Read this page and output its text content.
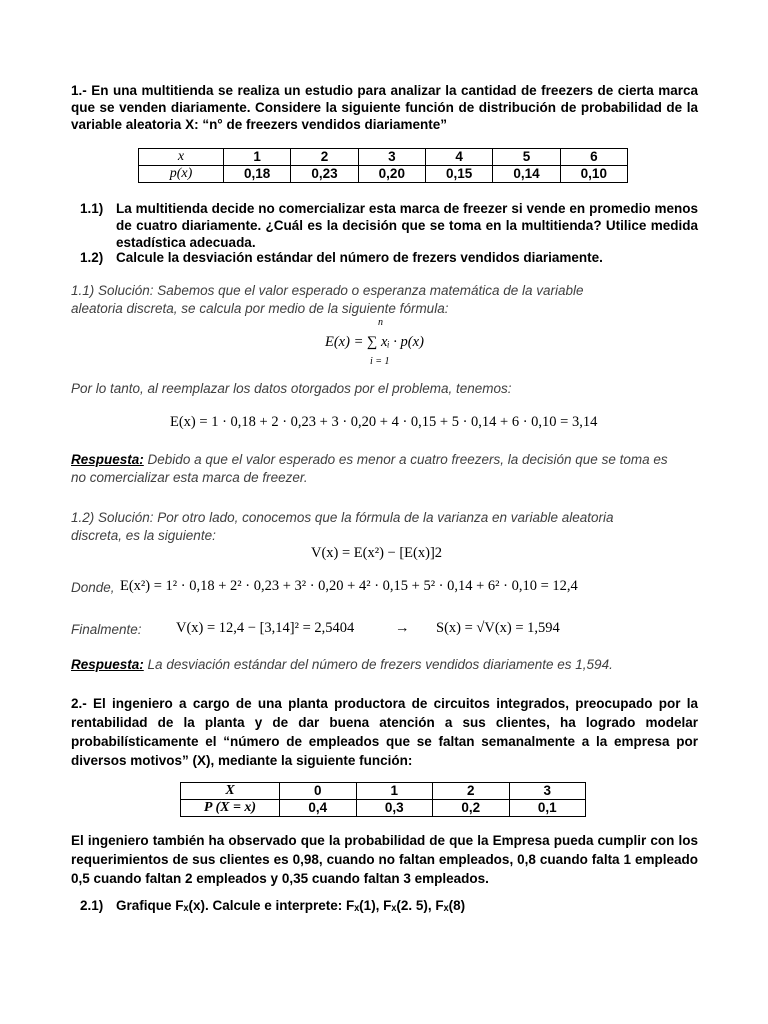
1.- En una multitienda se realiza un estudio para analizar la cantidad de freezers de cierta marca que se venden diariamente. Considere la siguiente función de distribución de probabilidad de la variable aleatoria X: “n° de freezers vendidos diariamente”
x	1	2	3	4	5	6
p(x)	0,18	0,23	0,20	0,15	0,14	0,10
1.1) La multitienda decide no comercializar esta marca de freezer si vende en promedio menos de cuatro diariamente. ¿Cuál es la decisión que se toma en la multitienda? Utilice medida estadística adecuada.
1.2) Calcule la desviación estándar del número de frezers vendidos diariamente.
1.1) Solución: Sabemos que el valor esperado o esperanza matemática de la variable aleatoria discreta, se calcula por medio de la siguiente fórmula:
n
E(x) = ∑ xᵢ · p(x)
i = 1
Por lo tanto, al reemplazar los datos otorgados por el problema, tenemos:
E(x) = 1 · 0,18 + 2 · 0,23 + 3 · 0,20 + 4 · 0,15 + 5 · 0,14 + 6 · 0,10 = 3,14
Respuesta: Debido a que el valor esperado es menor a cuatro freezers, la decisión que se toma es no comercializar esta marca de freezer.
1.2) Solución: Por otro lado, conocemos que la fórmula de la varianza en variable aleatoria discreta, es la siguiente:
V(x) = E(x²) − [E(x)]2
Donde, E(x²) = 1² · 0,18 + 2² · 0,23 + 3² · 0,20 + 4² · 0,15 + 5² · 0,14 + 6² · 0,10 = 12,4
Finalmente: V(x) = 12,4 − [3,14]² = 2,5404	→ S(x) = √V(x) = 1,594
Respuesta: La desviación estándar del número de frezers vendidos diariamente es 1,594.
2.- El ingeniero a cargo de una planta productora de circuitos integrados, preocupado por la rentabilidad de la planta y de dar buena atención a sus clientes, ha logrado modelar probabilísticamente el “número de empleados que se faltan semanalmente a la empresa por diversos motivos” (X), mediante la siguiente función:
X	0	1	2	3
P (X = x)	0,4	0,3	0,2	0,1
El ingeniero también ha observado que la probabilidad de que la Empresa pueda cumplir con los requerimientos de sus clientes es 0,98, cuando no faltan empleados, 0,8 cuando falta 1 empleado 0,5 cuando faltan 2 empleados y 0,35 cuando faltan 3 empleados.
2.1) Grafique Fₓ(x). Calcule e interprete: Fₓ(1), Fₓ(2. 5), Fₓ(8)
